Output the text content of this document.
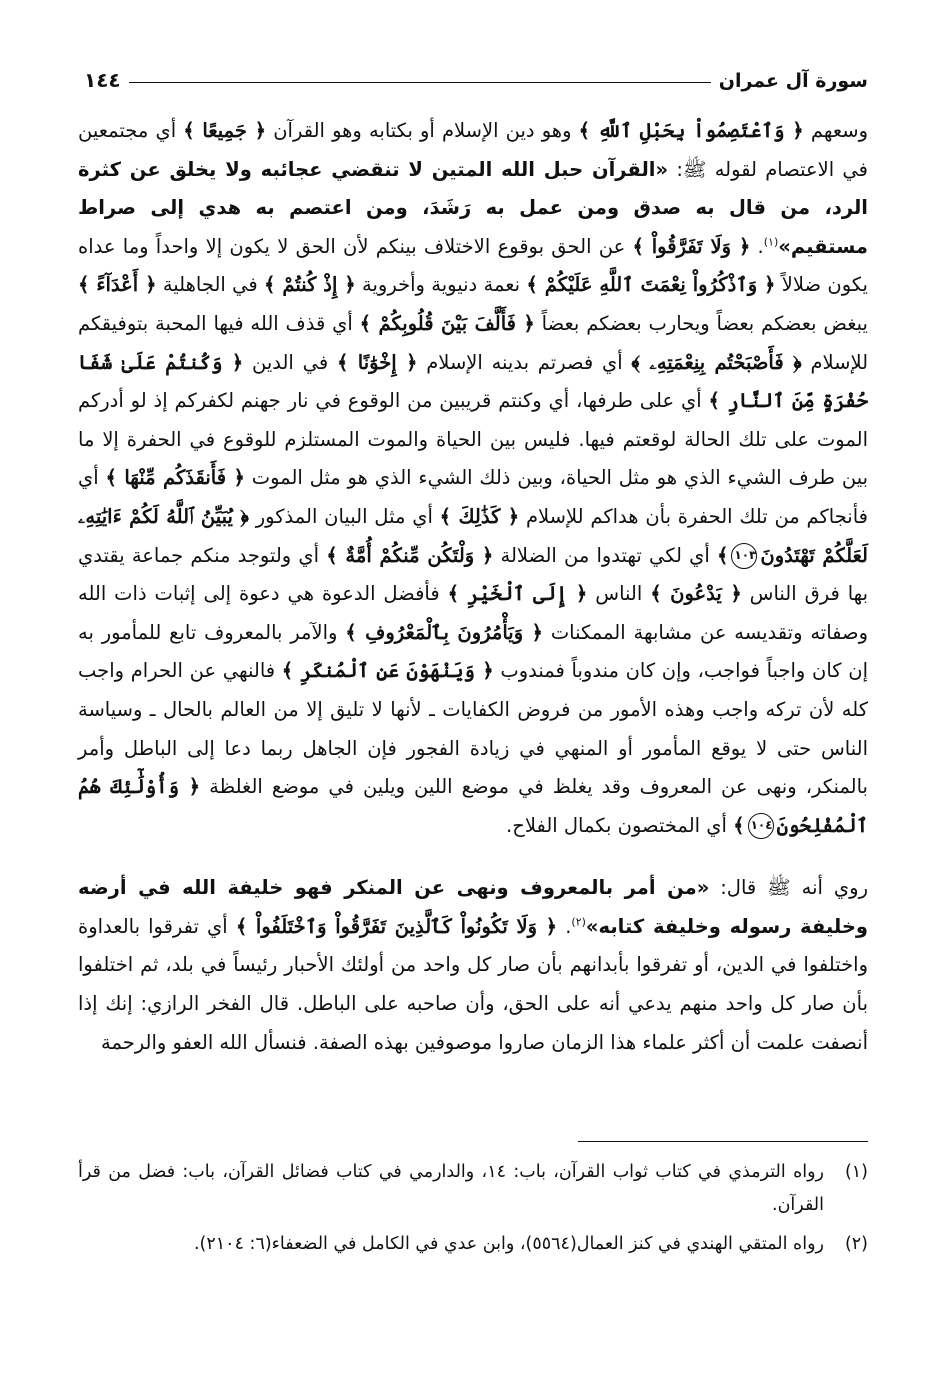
سورة آل عمران
١٤٤

وسعهم ﴿ وَٱعْتَصِمُواْ بِحَبْلِ ٱللَّهِ ﴾ وهو دين الإسلام أو بكتابه وهو القرآن ﴿ جَمِيعًا ﴾ أي مجتمعين في الاعتصام لقوله ﷺ: «القرآن حبل الله المتين لا تنقضي عجائبه ولا يخلق عن كثرة الرد، من قال به صدق ومن عمل به رَشَدَ، ومن اعتصم به هدي إلى صراط مستقيم»$^{(١)}$. ﴿ وَلَا تَفَرَّقُواْ ﴾ عن الحق بوقوع الاختلاف بينكم لأن الحق لا يكون إلا واحداً وما عداه يكون ضلالاً ﴿ وَٱذْكُرُواْ نِعْمَتَ ٱللَّهِ عَلَيْكُمْ ﴾ نعمة دنيوية وأخروية ﴿ إِذْ كُنتُمْ ﴾ في الجاهلية ﴿ أَعْدَآءً ﴾ يبغض بعضكم بعضاً ويحارب بعضكم بعضاً ﴿ فَأَلَّفَ بَيْنَ قُلُوبِكُمْ ﴾ أي قذف الله فيها المحبة بتوفيقكم للإسلام ﴿ فَأَصْبَحْتُم بِنِعْمَتِهِۦ ﴾ أي فصرتم بدينه الإسلام ﴿ إِخْوَٰنًا ﴾ في الدين ﴿ وَكُنتُمْ عَلَىٰ شَفَا حُفْرَةٍ مِّنَ ٱلنَّارِ ﴾ أي على طرفها، أي وكنتم قريبين من الوقوع في نار جهنم لكفركم إذ لو أدركم الموت على تلك الحالة لوقعتم فيها. فليس بين الحياة والموت المستلزم للوقوع في الحفرة إلا ما بين طرف الشيء الذي هو مثل الحياة، وبين ذلك الشيء الذي هو مثل الموت ﴿ فَأَنقَذَكُم مِّنْهَا ﴾ أي فأنجاكم من تلك الحفرة بأن هداكم للإسلام ﴿ كَذَٰلِكَ ﴾ أي مثل البيان المذكور ﴿ يُبَيِّنُ ٱللَّهُ لَكُمْ ءَايَٰتِهِۦ لَعَلَّكُمْ تَهْتَدُونَ١٠٣﴾ أي لكي تهتدوا من الضلالة ﴿ وَلْتَكُن مِّنكُمْ أُمَّةٌ ﴾ أي ولتوجد منكم جماعة يقتدي بها فرق الناس ﴿ يَدْعُونَ ﴾ الناس ﴿ إِلَى ٱلْخَيْرِ ﴾ فأفضل الدعوة هي دعوة إلى إثبات ذات الله وصفاته وتقديسه عن مشابهة الممكنات ﴿ وَيَأْمُرُونَ بِٱلْمَعْرُوفِ ﴾ والآمر بالمعروف تابع للمأمور به إن كان واجباً فواجب، وإن كان مندوباً فمندوب ﴿ وَيَنْهَوْنَ عَنِ ٱلْمُنكَرِ ﴾ فالنهي عن الحرام واجب كله لأن تركه واجب وهذه الأمور من فروض الكفايات ـ لأنها لا تليق إلا من العالم بالحال ـ وسياسة الناس حتى لا يوقع المأمور أو المنهي في زيادة الفجور فإن الجاهل ربما دعا إلى الباطل وأمر بالمنكر، ونهى عن المعروف وقد يغلظ في موضع اللين ويلين في موضع الغلظة ﴿ وَأُوْلَٰٓئِكَ هُمُ ٱلْمُفْلِحُونَ١٠٤﴾ أي المختصون بكمال الفلاح.

روي أنه ﷺ قال: «من أمر بالمعروف ونهى عن المنكر فهو خليفة الله في أرضه وخليفة رسوله وخليفة كتابه»$^{(٢)}$. ﴿ وَلَا تَكُونُواْ كَٱلَّذِينَ تَفَرَّقُواْ وَٱخْتَلَفُواْ ﴾ أي تفرقوا بالعداوة واختلفوا في الدين، أو تفرقوا بأبدانهم بأن صار كل واحد من أولئك الأحبار رئيساً في بلد، ثم اختلفوا بأن صار كل واحد منهم يدعي أنه على الحق، وأن صاحبه على الباطل. قال الفخر الرازي: إنك إذا أنصفت علمت أن أكثر علماء هذا الزمان صاروا موصوفين بهذه الصفة. فنسأل الله العفو والرحمة

(١)
رواه الترمذي في كتاب ثواب القرآن، باب: ١٤، والدارمي في كتاب فضائل القرآن، باب: فضل من قرأ القرآن.
(٢)
رواه المتقي الهندي في كنز العمال(٥٥٦٤)، وابن عدي في الكامل في الضعفاء(٦: ٢١٠٤).
